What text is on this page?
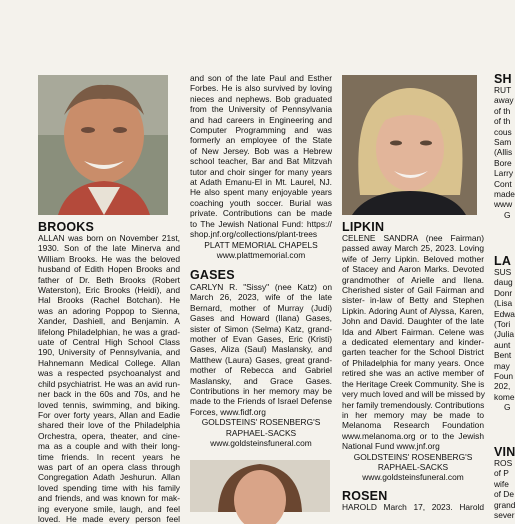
BROOKS
ALLAN was born on November 21st,
1930. Son of the late Minerva and
William Brooks. He was the beloved
husband of Edith Hopen Brooks and
father of Dr. Beth Brooks (Robert
Waterston), Eric Brooks (Heidi), and
Hal Brooks (Rachel Botchan). He
was an adoring Poppop to Sienna,
Xander, Dashiell, and Benjamin. A
lifelong Philadelphian, he was a grad-
uate of Central High School Class
190, University of Pennsylvania, and
Hahnemann Medical College. Allan
was a respected psychoanalyst and
child psychiatrist. He was an avid run-
ner back in the 60s and 70s, and he
loved tennis, swimming, and biking.
For over forty years, Allan and Eadie
shared their love of the Philadelphia
Orchestra, opera, theater, and cine-
ma as a couple and with their long-
time friends. In recent years he
was part of an opera class through
Congregation Adath Jeshurun. Allan
loved spending time with his family
and friends, and was known for mak-
ing everyone smile, laugh, and feel
loved. He made every person feel
and son of the late Paul and Esther
Forbes. He is also survived by loving
nieces and nephews. Bob graduated
from the University of Pennsylvania
and had careers in Engineering and
Computer Programming and was
formerly an employee of the State
of New Jersey. Bob was a Hebrew
school teacher, Bar and Bat Mitzvah
tutor and choir singer for many years
at Adath Emanu-El in Mt. Laurel, NJ.
He also spent many enjoyable years
coaching youth soccer. Burial was
private. Contributions can be made
to The Jewish National Fund: https://
shop.jnf.org/collections/plant-trees
PLATT MEMORIAL CHAPELS
www.plattmemorial.com
GASES
CARLYN R. "Sissy" (nee Katz) on
March 26, 2023, wife of the late
Bernard, mother of Murray (Judi)
Gases and Howard (Ilana) Gases,
sister of Simon (Selma) Katz, grand-
mother of Evan Gases, Eric (Kristi)
Gases, Aliza (Saul) Maslansky, and
Matthew (Laura) Gases, great grand-
mother of Rebecca and Gabriel
Maslansky, and Grace Gases.
Contributions in her memory may be
made to the Friends of Israel Defense
Forces, www.fidf.org
GOLDSTEINS' ROSENBERG'S
RAPHAEL-SACKS
www.goldsteinsfuneral.com
LIPKIN
CELENE SANDRA (nee Fairman)
passed away March 25, 2023. Loving
wife of Jerry Lipkin. Beloved mother
of Stacey and Aaron Marks. Devoted
grandmother of Arielle and Ilena.
Cherished sister of Gail Fairman and
sister- in-law of Betty and Stephen
Lipkin. Adoring Aunt of Alyssa, Karen,
John and David. Daughter of the late
Ida and Albert Fairman. Celene was
a dedicated elementary and kinder-
garten teacher for the School District
of Philadelphia for many years. Once
retired she was an active member of
the Heritage Creek Community. She is
very much loved and will be missed by
her family tremendously. Contributions
in her memory may be made to
Melanoma Research Foundation
www.melanoma.org or to the Jewish
National Fund www.jnf.org
GOLDSTEINS' ROSENBERG'S
RAPHAEL-SACKS
www.goldsteinsfuneral.com
ROSEN
HAROLD March 17, 2023. Harold
SH
RUT
away
of th
of th
cous
Sam
(Allis
Bore
Larry
Cont
made
www
G
LA
SUS
daug
Donr
(Lisa
Edwa
(Tori
(Julia
aunt
Bent
may
Foun
202,
kome
G
VIN
ROS
of P
wife
of De
grand
sever
